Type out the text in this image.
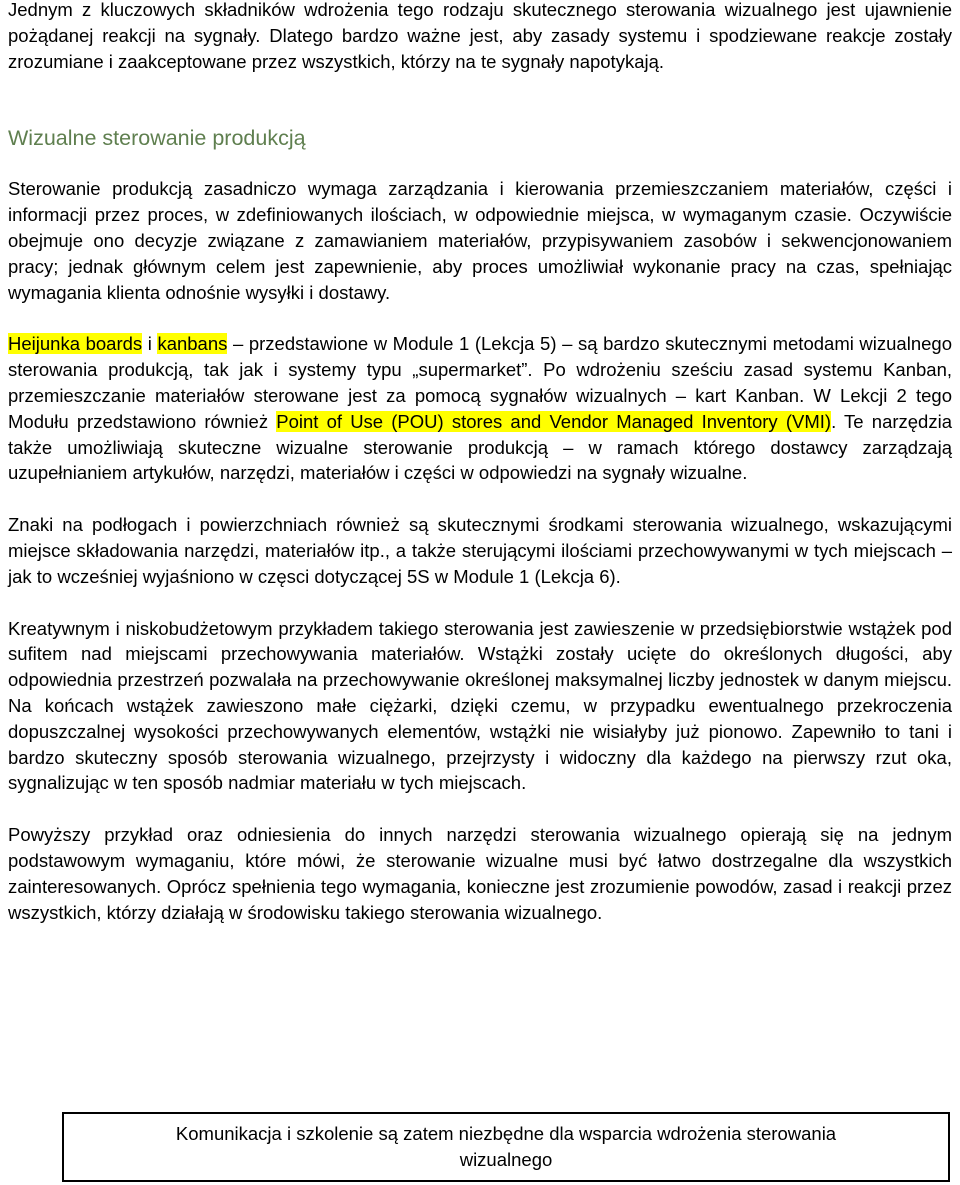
Jednym z kluczowych składników wdrożenia tego rodzaju skutecznego sterowania wizualnego jest ujawnienie pożądanej reakcji na sygnały. Dlatego bardzo ważne jest, aby zasady systemu i spodziewane reakcje zostały zrozumiane i zaakceptowane przez wszystkich, którzy na te sygnały napotykają.

Wizualne sterowanie produkcją

Sterowanie produkcją zasadniczo wymaga zarządzania i kierowania przemieszczaniem materiałów, części i informacji przez proces, w zdefiniowanych ilościach, w odpowiednie miejsca, w wymaganym czasie. Oczywiście obejmuje ono decyzje związane z zamawianiem materiałów, przypisywaniem zasobów i sekwencjonowaniem pracy; jednak głównym celem jest zapewnienie, aby proces umożliwiał wykonanie pracy na czas, spełniając wymagania klienta odnośnie wysyłki i dostawy.

Heijunka boards i kanbans – przedstawione w Module 1 (Lekcja 5) – są bardzo skutecznymi metodami wizualnego sterowania produkcją, tak jak i systemy typu „supermarket”. Po wdrożeniu sześciu zasad systemu Kanban, przemieszczanie materiałów sterowane jest za pomocą sygnałów wizualnych – kart Kanban. W Lekcji 2 tego Modułu przedstawiono również Point of Use (POU) stores and Vendor Managed Inventory (VMI). Te narzędzia także umożliwiają skuteczne wizualne sterowanie produkcją – w ramach którego dostawcy zarządzają uzupełnianiem artykułów, narzędzi, materiałów i części w odpowiedzi na sygnały wizualne.

Znaki na podłogach i powierzchniach również są skutecznymi środkami sterowania wizualnego, wskazującymi miejsce składowania narzędzi, materiałów itp., a także sterującymi ilościami przechowywanymi w tych miejscach – jak to wcześniej wyjaśniono w częsci dotyczącej 5S w Module 1 (Lekcja 6).

Kreatywnym i niskobudżetowym przykładem takiego sterowania jest zawieszenie w przedsiębiorstwie wstążek pod sufitem nad miejscami przechowywania materiałów. Wstążki zostały ucięte do określonych długości, aby odpowiednia przestrzeń pozwalała na przechowywanie określonej maksymalnej liczby jednostek w danym miejscu. Na końcach wstążek zawieszono małe ciężarki, dzięki czemu, w przypadku ewentualnego przekroczenia dopuszczalnej wysokości przechowywanych elementów, wstążki nie wisiałyby już pionowo. Zapewniło to tani i bardzo skuteczny sposób sterowania wizualnego, przejrzysty i widoczny dla każdego na pierwszy rzut oka, sygnalizując w ten sposób nadmiar materiału w tych miejscach.

Powyższy przykład oraz odniesienia do innych narzędzi sterowania wizualnego opierają się na jednym podstawowym wymaganiu, które mówi, że sterowanie wizualne musi być łatwo dostrzegalne dla wszystkich zainteresowanych. Oprócz spełnienia tego wymagania, konieczne jest zrozumienie powodów, zasad i reakcji przez wszystkich, którzy działają w środowisku takiego sterowania wizualnego.

Komunikacja i szkolenie są zatem niezbędne dla wsparcia wdrożenia sterowania wizualnego
